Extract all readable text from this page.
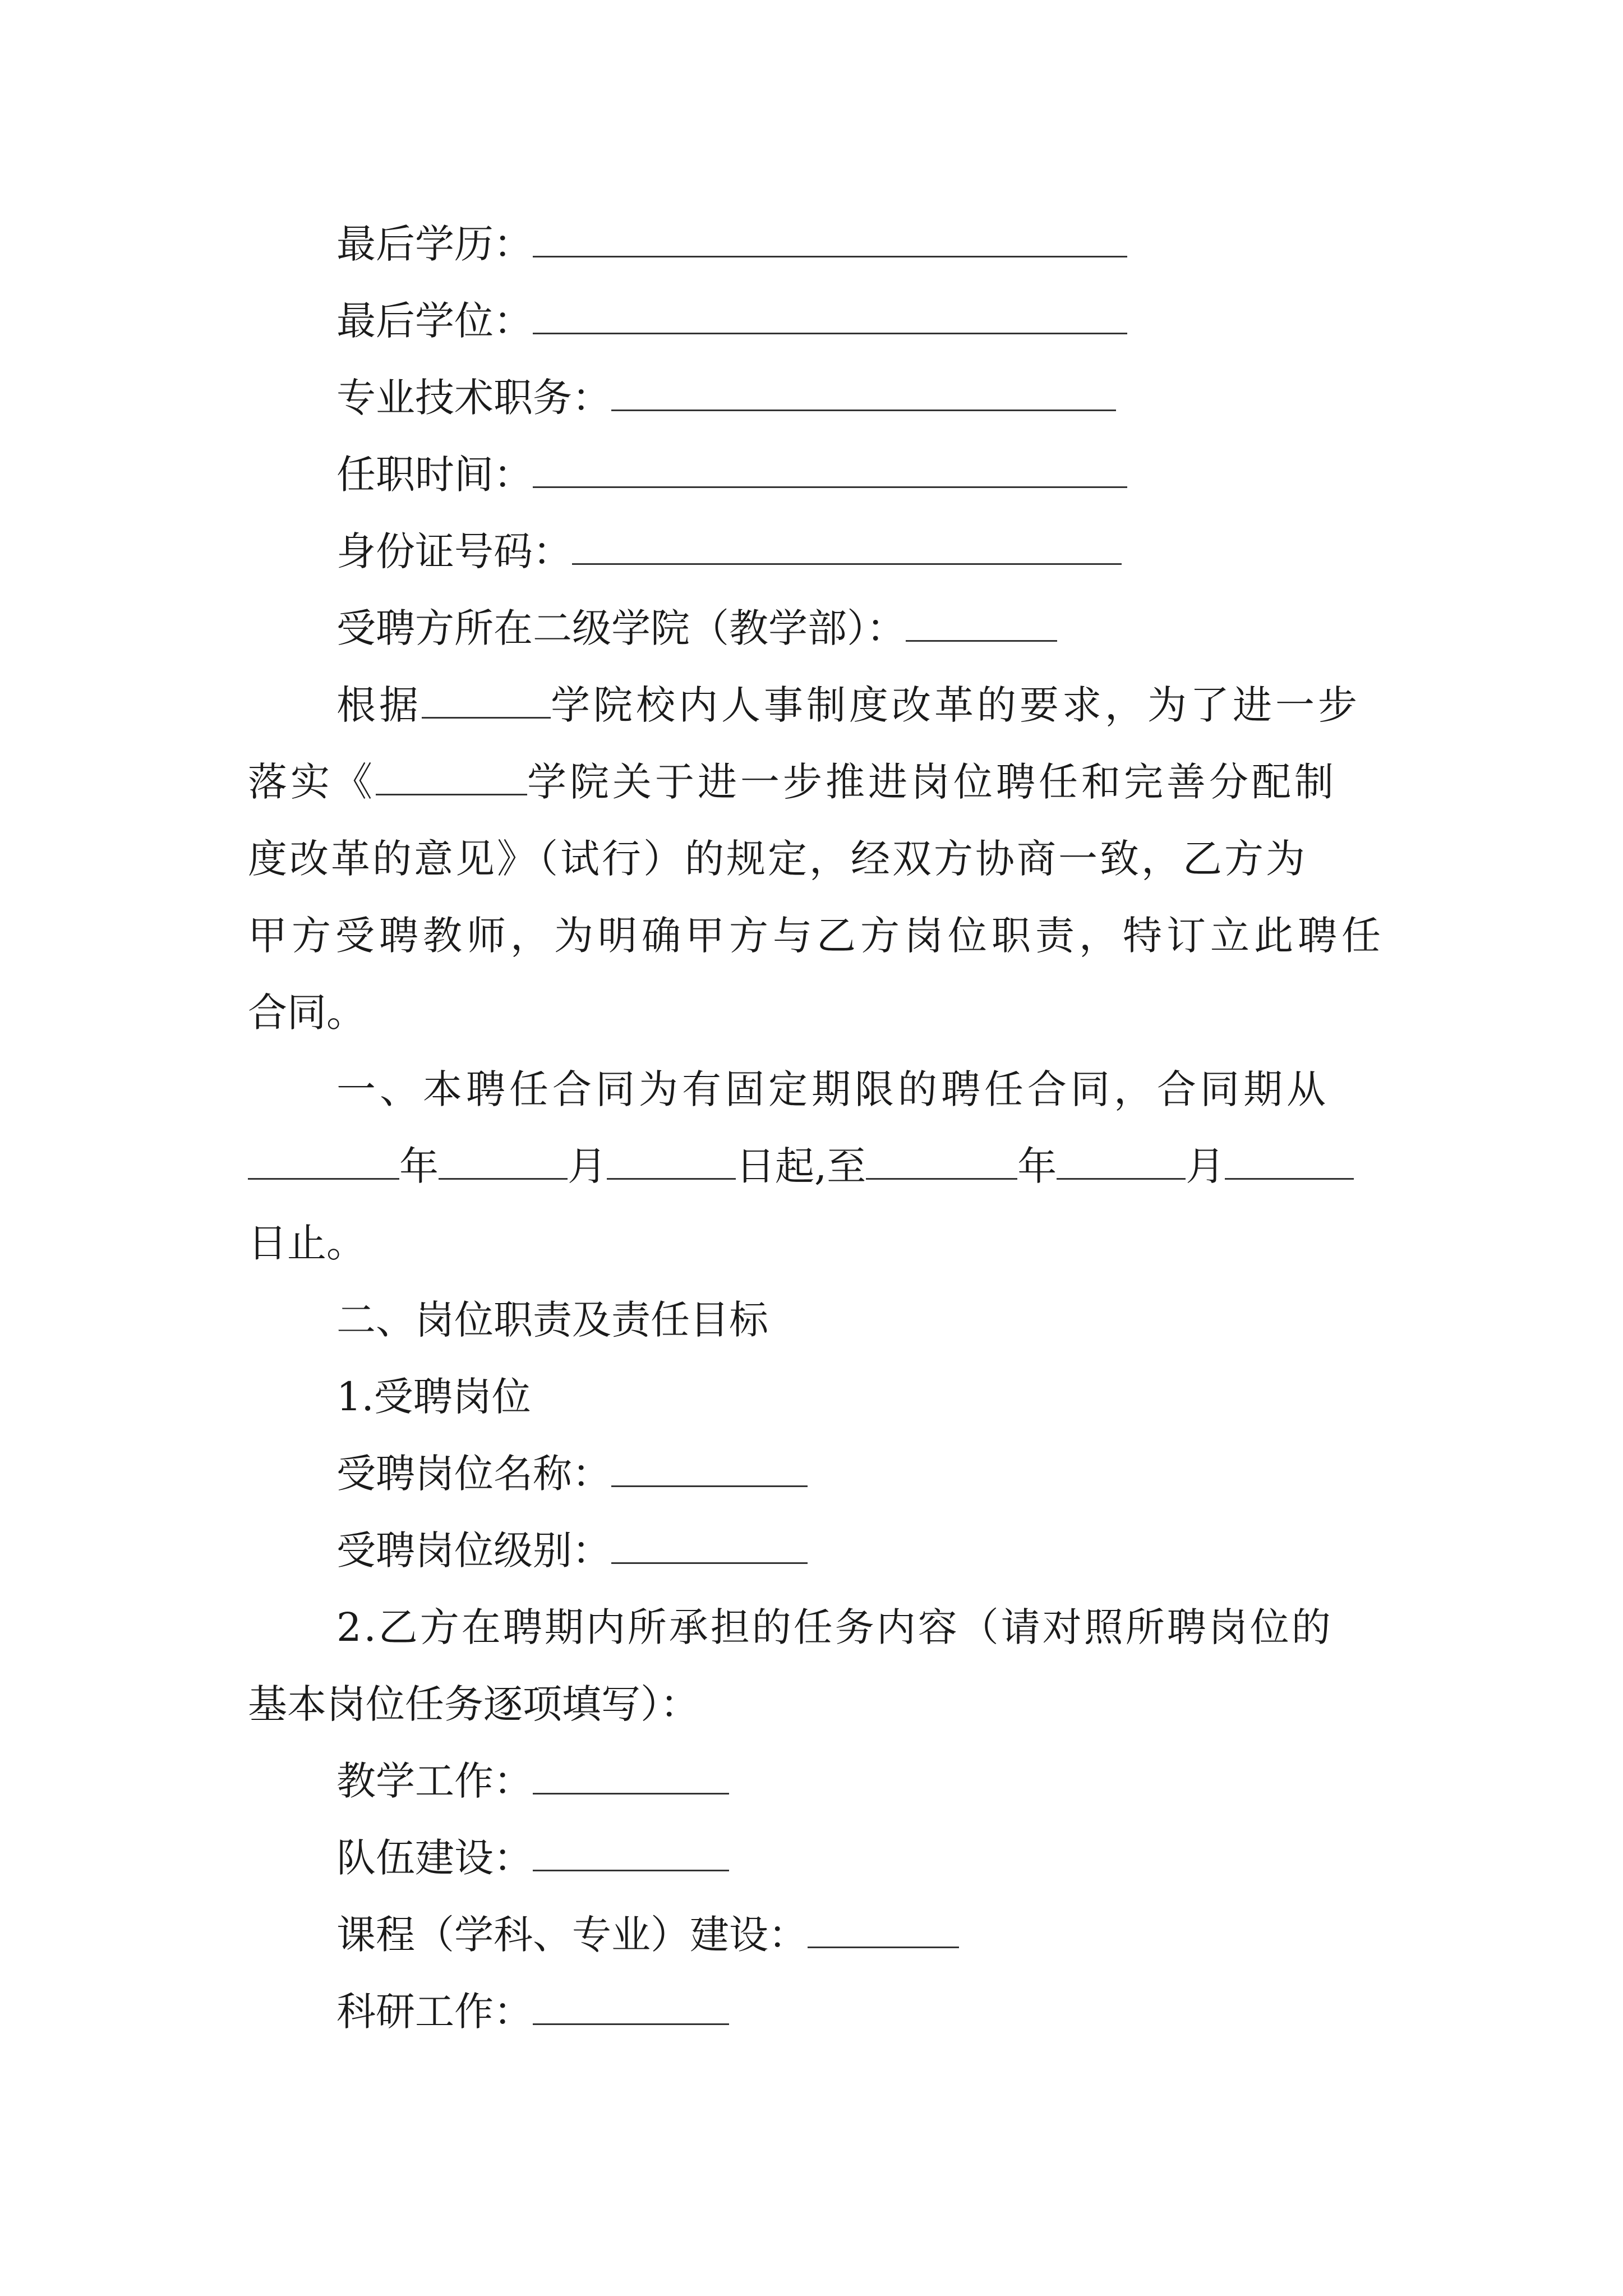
最后学历：
最后学位：
专业技术职务：
任职时间：
身份证号码：
受聘方所在二级学院（教学部）：
根据	学院校内人事制度改革的要求，为了进一步
落实《	学院关于进一步推进岗位聘任和完善分配制
度改革的意见》（试行）的规定，经双方协商一致，乙方为
甲方受聘教师，为明确甲方与乙方岗位职责，特订立此聘任
合同。
一、本聘任合同为有固定期限的聘任合同，合同期从
年	月	日起,至	年	月
日止。
二、岗位职责及责任目标
1.受聘岗位
受聘岗位名称：
受聘岗位级别：
2.乙方在聘期内所承担的任务内容（请对照所聘岗位的
基本岗位任务逐项填写）：
教学工作：
队伍建设：
课程（学科、专业）建设：
科研工作：
